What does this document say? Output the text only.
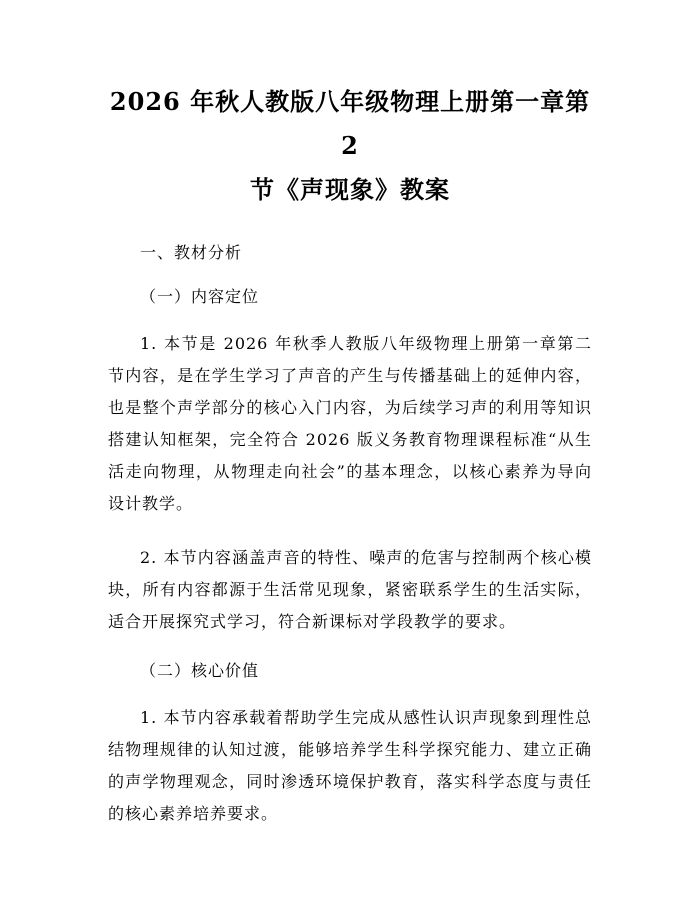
2026 年秋人教版八年级物理上册第一章第 2
节《声现象》教案

一、教材分析

（一）内容定位

1. 本节是 2026 年秋季人教版八年级物理上册第一章第二节内容，是在学生学习了声音的产生与传播基础上的延伸内容，也是整个声学部分的核心入门内容，为后续学习声的利用等知识搭建认知框架，完全符合 2026 版义务教育物理课程标准“从生活走向物理，从物理走向社会”的基本理念，以核心素养为导向设计教学。

2. 本节内容涵盖声音的特性、噪声的危害与控制两个核心模块，所有内容都源于生活常见现象，紧密联系学生的生活实际，适合开展探究式学习，符合新课标对学段教学的要求。

（二）核心价值

1. 本节内容承载着帮助学生完成从感性认识声现象到理性总结物理规律的认知过渡，能够培养学生科学探究能力、建立正确的声学物理观念，同时渗透环境保护教育，落实科学态度与责任的核心素养培养要求。
